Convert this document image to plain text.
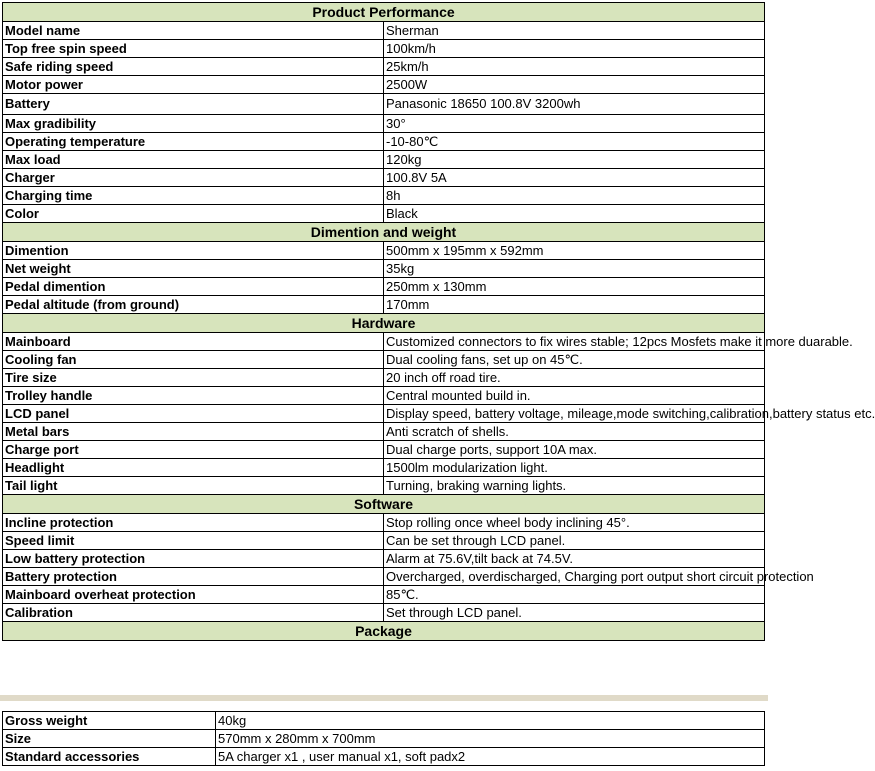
Product Performance	
Model name	Sherman
Top free spin speed	100km/h
Safe riding speed	25km/h
Motor power	2500W
Battery	Panasonic 18650 100.8V 3200wh
Max gradibility	30°
Operating temperature	-10-80℃
Max load	120kg
Charger	100.8V 5A
Charging time	8h
Color	Black
Dimention and weight	
Dimention	500mm x 195mm x 592mm
Net weight	35kg
Pedal dimention	250mm x 130mm
Pedal altitude (from ground)	170mm
Hardware	
Mainboard	Customized connectors to fix wires stable; 12pcs Mosfets make it more duarable.
Cooling fan	Dual cooling fans, set up on 45℃.
Tire size	20 inch off road tire.
Trolley handle	Central mounted build in.
LCD panel	Display speed, battery voltage, mileage,mode switching,calibration,battery status etc.
Metal bars	Anti scratch of shells.
Charge port	Dual charge ports, support 10A max.
Headlight	1500lm modularization light.
Tail light	Turning, braking warning lights.
Software	
Incline protection	Stop rolling once wheel body inclining 45°.
Speed limit	Can be set through LCD panel.
Low battery protection	Alarm at 75.6V,tilt back at 74.5V.
Battery protection	Overcharged, overdischarged, Charging port output short circuit protection
Mainboard overheat protection	85℃.
Calibration	Set through LCD panel.
Package	
Gross weight	40kg
Size	570mm x 280mm x 700mm
Standard accessories	5A charger x1 , user manual x1, soft padx2
